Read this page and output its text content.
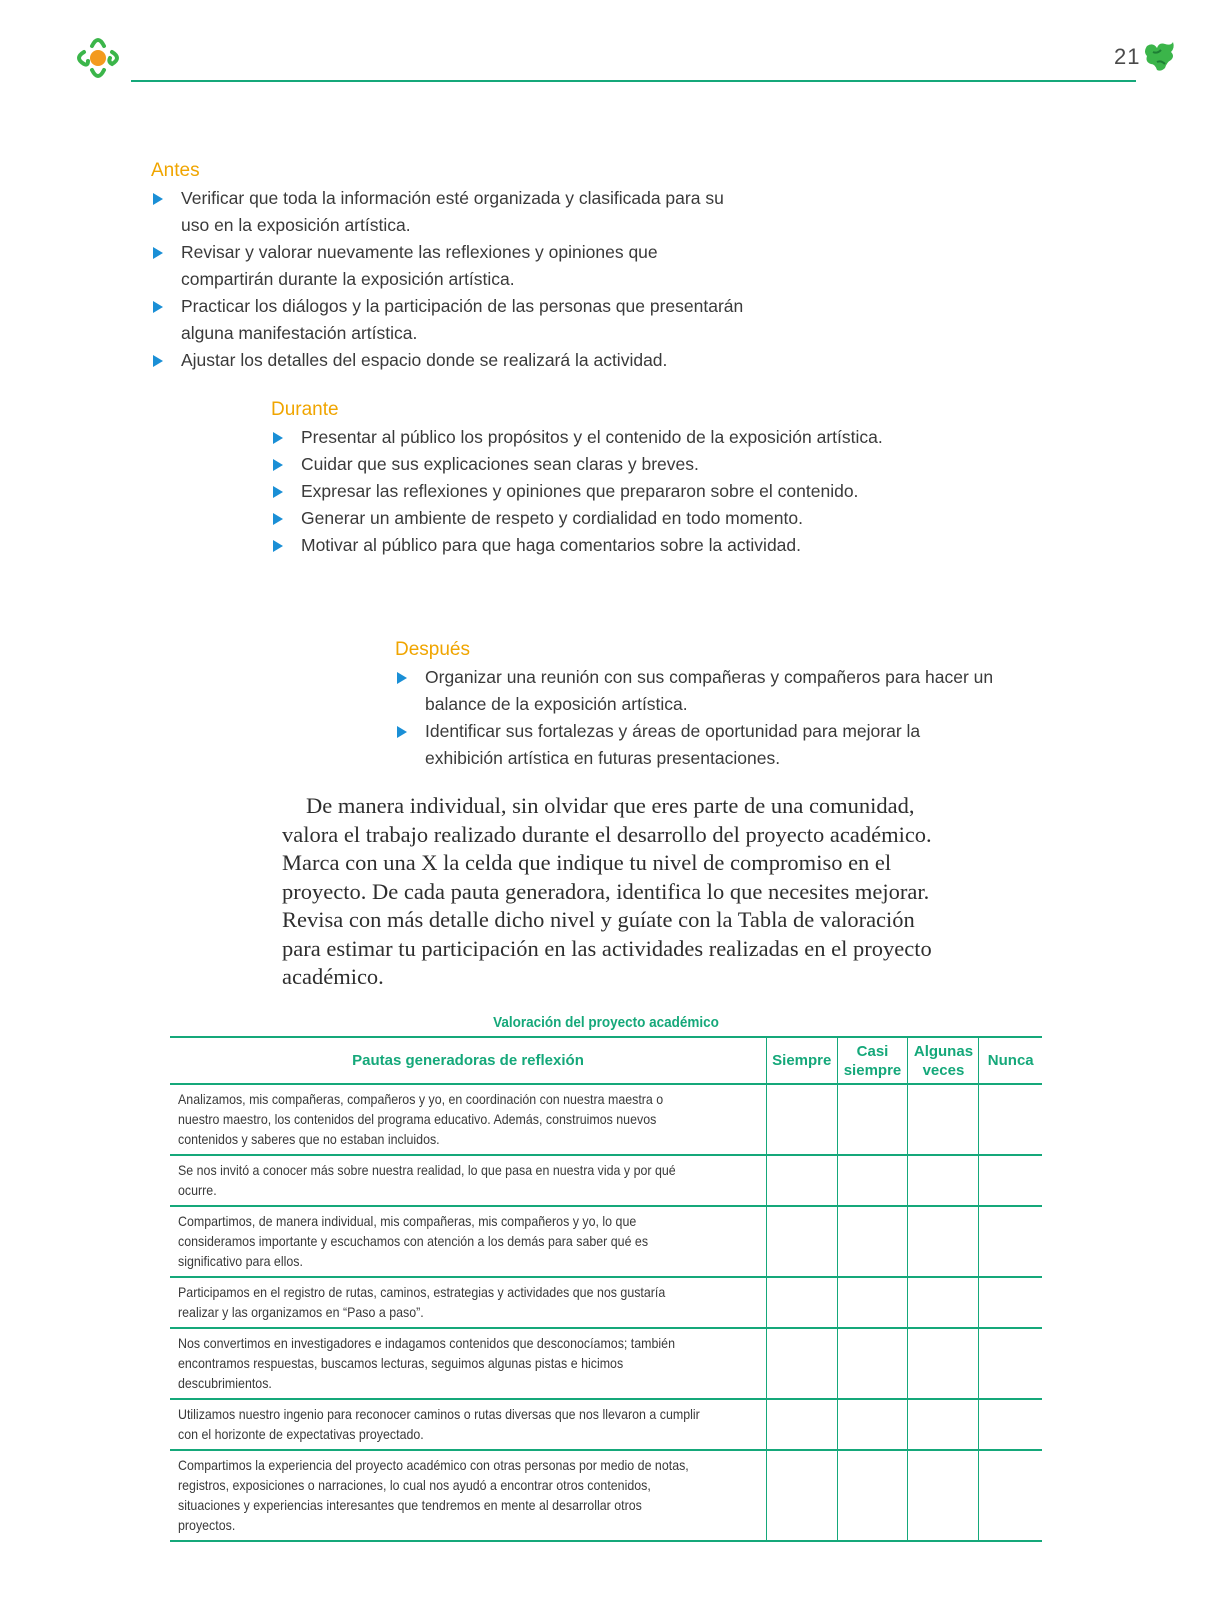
21
Antes
Verificar que toda la información esté organizada y clasificada para su uso en la exposición artística.
Revisar y valorar nuevamente las reflexiones y opiniones que compartirán durante la exposición artística.
Practicar los diálogos y la participación de las personas que presentarán alguna manifestación artística.
Ajustar los detalles del espacio donde se realizará la actividad.
Durante
Presentar al público los propósitos y el contenido de la exposición artística.
Cuidar que sus explicaciones sean claras y breves.
Expresar las reflexiones y opiniones que prepararon sobre el contenido.
Generar un ambiente de respeto y cordialidad en todo momento.
Motivar al público para que haga comentarios sobre la actividad.
Después
Organizar una reunión con sus compañeras y compañeros para hacer un balance de la exposición artística.
Identificar sus fortalezas y áreas de oportunidad para mejorar la exhibición artística en futuras presentaciones.

De manera individual, sin olvidar que eres parte de una comunidad, valora el trabajo realizado durante el desarrollo del proyecto académico. Marca con una X la celda que indique tu nivel de compromiso en el proyecto. De cada pauta generadora, identifica lo que necesites mejorar. Revisa con más detalle dicho nivel y guíate con la Tabla de valoración para estimar tu participación en las actividades realizadas en el proyecto académico.

Valoración del proyecto académico
Pautas generadoras de reflexión	Siempre	Casi siempre	Algunas veces	Nunca
Analizamos, mis compañeras, compañeros y yo, en coordinación con nuestra maestra o nuestro maestro, los contenidos del programa educativo. Además, construimos nuevos contenidos y saberes que no estaban incluidos.				
Se nos invitó a conocer más sobre nuestra realidad, lo que pasa en nuestra vida y por qué ocurre.				
Compartimos, de manera individual, mis compañeras, mis compañeros y yo, lo que consideramos importante y escuchamos con atención a los demás para saber qué es significativo para ellos.				
Participamos en el registro de rutas, caminos, estrategias y actividades que nos gustaría realizar y las organizamos en “Paso a paso”.				
Nos convertimos en investigadores e indagamos contenidos que desconocíamos; también encontramos respuestas, buscamos lecturas, seguimos algunas pistas e hicimos descubrimientos.				
Utilizamos nuestro ingenio para reconocer caminos o rutas diversas que nos llevaron a cumplir con el horizonte de expectativas proyectado.				
Compartimos la experiencia del proyecto académico con otras personas por medio de notas, registros, exposiciones o narraciones, lo cual nos ayudó a encontrar otros contenidos, situaciones y experiencias interesantes que tendremos en mente al desarrollar otros proyectos.				
